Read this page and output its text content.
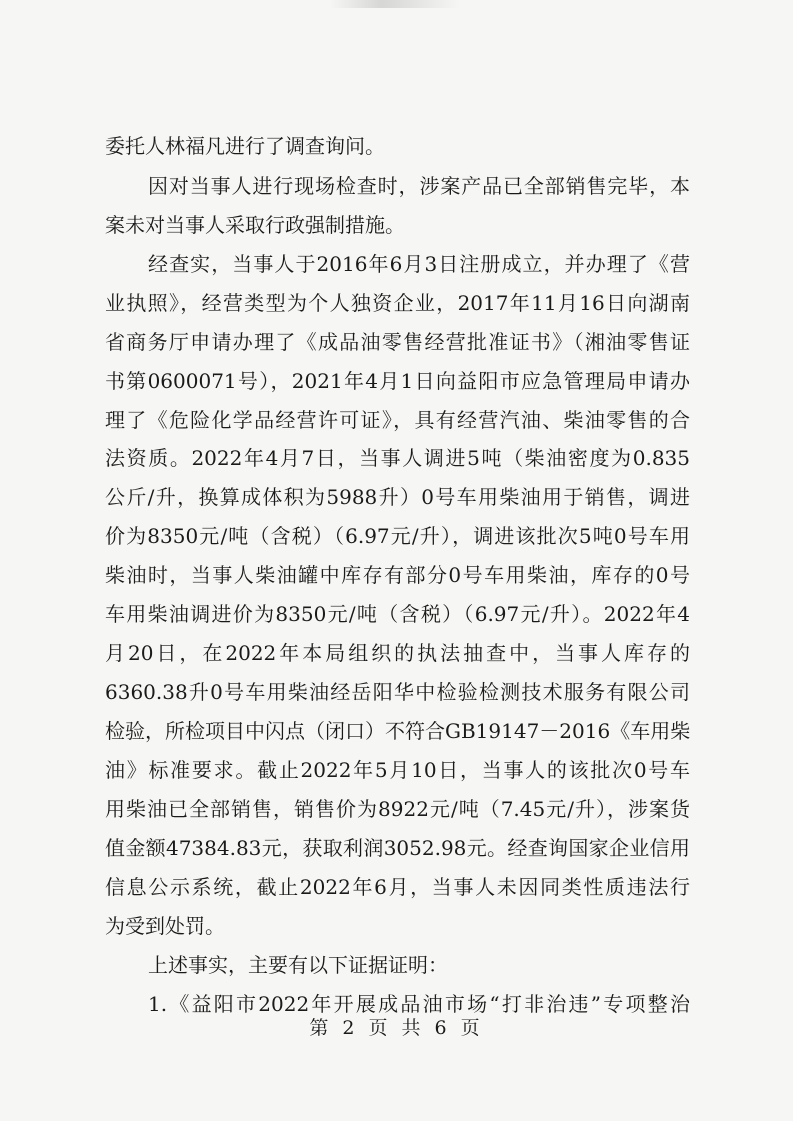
委托人林福凡进行了调查询问。
因对当事人进行现场检查时，涉案产品已全部销售完毕，本
案未对当事人采取行政强制措施。
经查实，当事人于2016年6月3日注册成立，并办理了《营
业执照》，经营类型为个人独资企业，2017年11月16日向湖南
省商务厅申请办理了《成品油零售经营批准证书》（湘油零售证
书第0600071号），2021年4月1日向益阳市应急管理局申请办
理了《危险化学品经营许可证》，具有经营汽油、柴油零售的合
法资质。2022年4月7日，当事人调进5吨（柴油密度为0.835
公斤/升，换算成体积为5988升）0号车用柴油用于销售，调进
价为8350元/吨（含税）（6.97元/升），调进该批次5吨0号车用
柴油时，当事人柴油罐中库存有部分0号车用柴油，库存的0号
车用柴油调进价为8350元/吨（含税）（6.97元/升）。2022年4
月20日，在2022年本局组织的执法抽查中，当事人库存的
6360.38升0号车用柴油经岳阳华中检验检测技术服务有限公司
检验，所检项目中闪点（闭口）不符合GB19147－2016《车用柴
油》标准要求。截止2022年5月10日，当事人的该批次0号车
用柴油已全部销售，销售价为8922元/吨（7.45元/升），涉案货
值金额47384.83元，获取利润3052.98元。经查询国家企业信用
信息公示系统，截止2022年6月，当事人未因同类性质违法行
为受到处罚。
上述事实，主要有以下证据证明：
1.《益阳市2022年开展成品油市场“打非治违”专项整治
第 2 页 共 6 页
